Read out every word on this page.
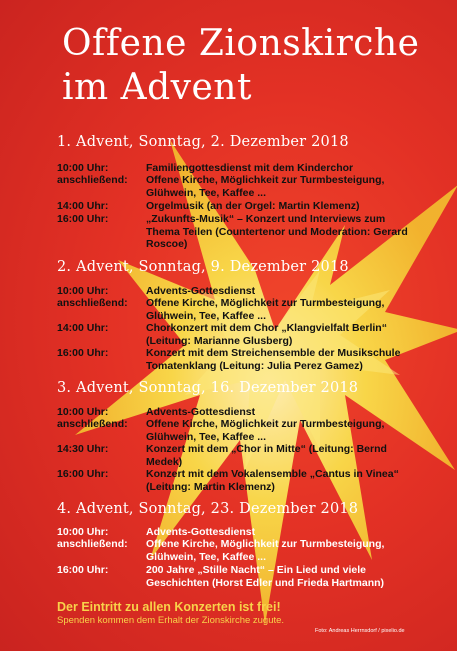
Offene Zionskirche
im Advent
1. Advent, Sonntag, 2. Dezember 2018
10:00 Uhr:	Familiengottesdienst mit dem Kinderchor
anschließend: Offene Kirche, Möglichkeit zur Turmbesteigung, Glühwein, Tee, Kaffee ...
14:00 Uhr:	Orgelmusik (an der Orgel: Martin Klemenz)
16:00 Uhr:	„Zukunfts-Musik“ – Konzert und Interviews zum Thema Teilen (Countertenor und Moderation: Gerard Roscoe)
2. Advent, Sonntag, 9. Dezember 2018
10:00 Uhr:	Advents-Gottesdienst
anschließend: Offene Kirche, Möglichkeit zur Turmbesteigung, Glühwein, Tee, Kaffee ...
14:00 Uhr:	Chorkonzert mit dem Chor „Klangvielfalt Berlin“ (Leitung: Marianne Glusberg)
16:00 Uhr:	Konzert mit dem Streichensemble der Musikschule Tomatenklang (Leitung: Julia Perez Gamez)
3. Advent, Sonntag, 16. Dezember 2018
10:00 Uhr:	Advents-Gottesdienst
anschließend: Offene Kirche, Möglichkeit zur Turmbesteigung, Glühwein, Tee, Kaffee ...
14:30 Uhr:	Konzert mit dem „Chor in Mitte“ (Leitung: Bernd Medek)
16:00 Uhr:	Konzert mit dem Vokalensemble „Cantus in Vinea“ (Leitung: Martin Klemenz)
4. Advent, Sonntag, 23. Dezember 2018
10:00 Uhr:	Advents-Gottesdienst
anschließend: Offene Kirche, Möglichkeit zur Turmbesteigung, Glühwein, Tee, Kaffee ...
16:00 Uhr:	200 Jahre „Stille Nacht“ – Ein Lied und viele Geschichten (Horst Edler und Frieda Hartmann)
Der Eintritt zu allen Konzerten ist frei!
Spenden kommen dem Erhalt der Zionskirche zugute.
Foto: Andreas Herrnsdorf / pixelio.de
